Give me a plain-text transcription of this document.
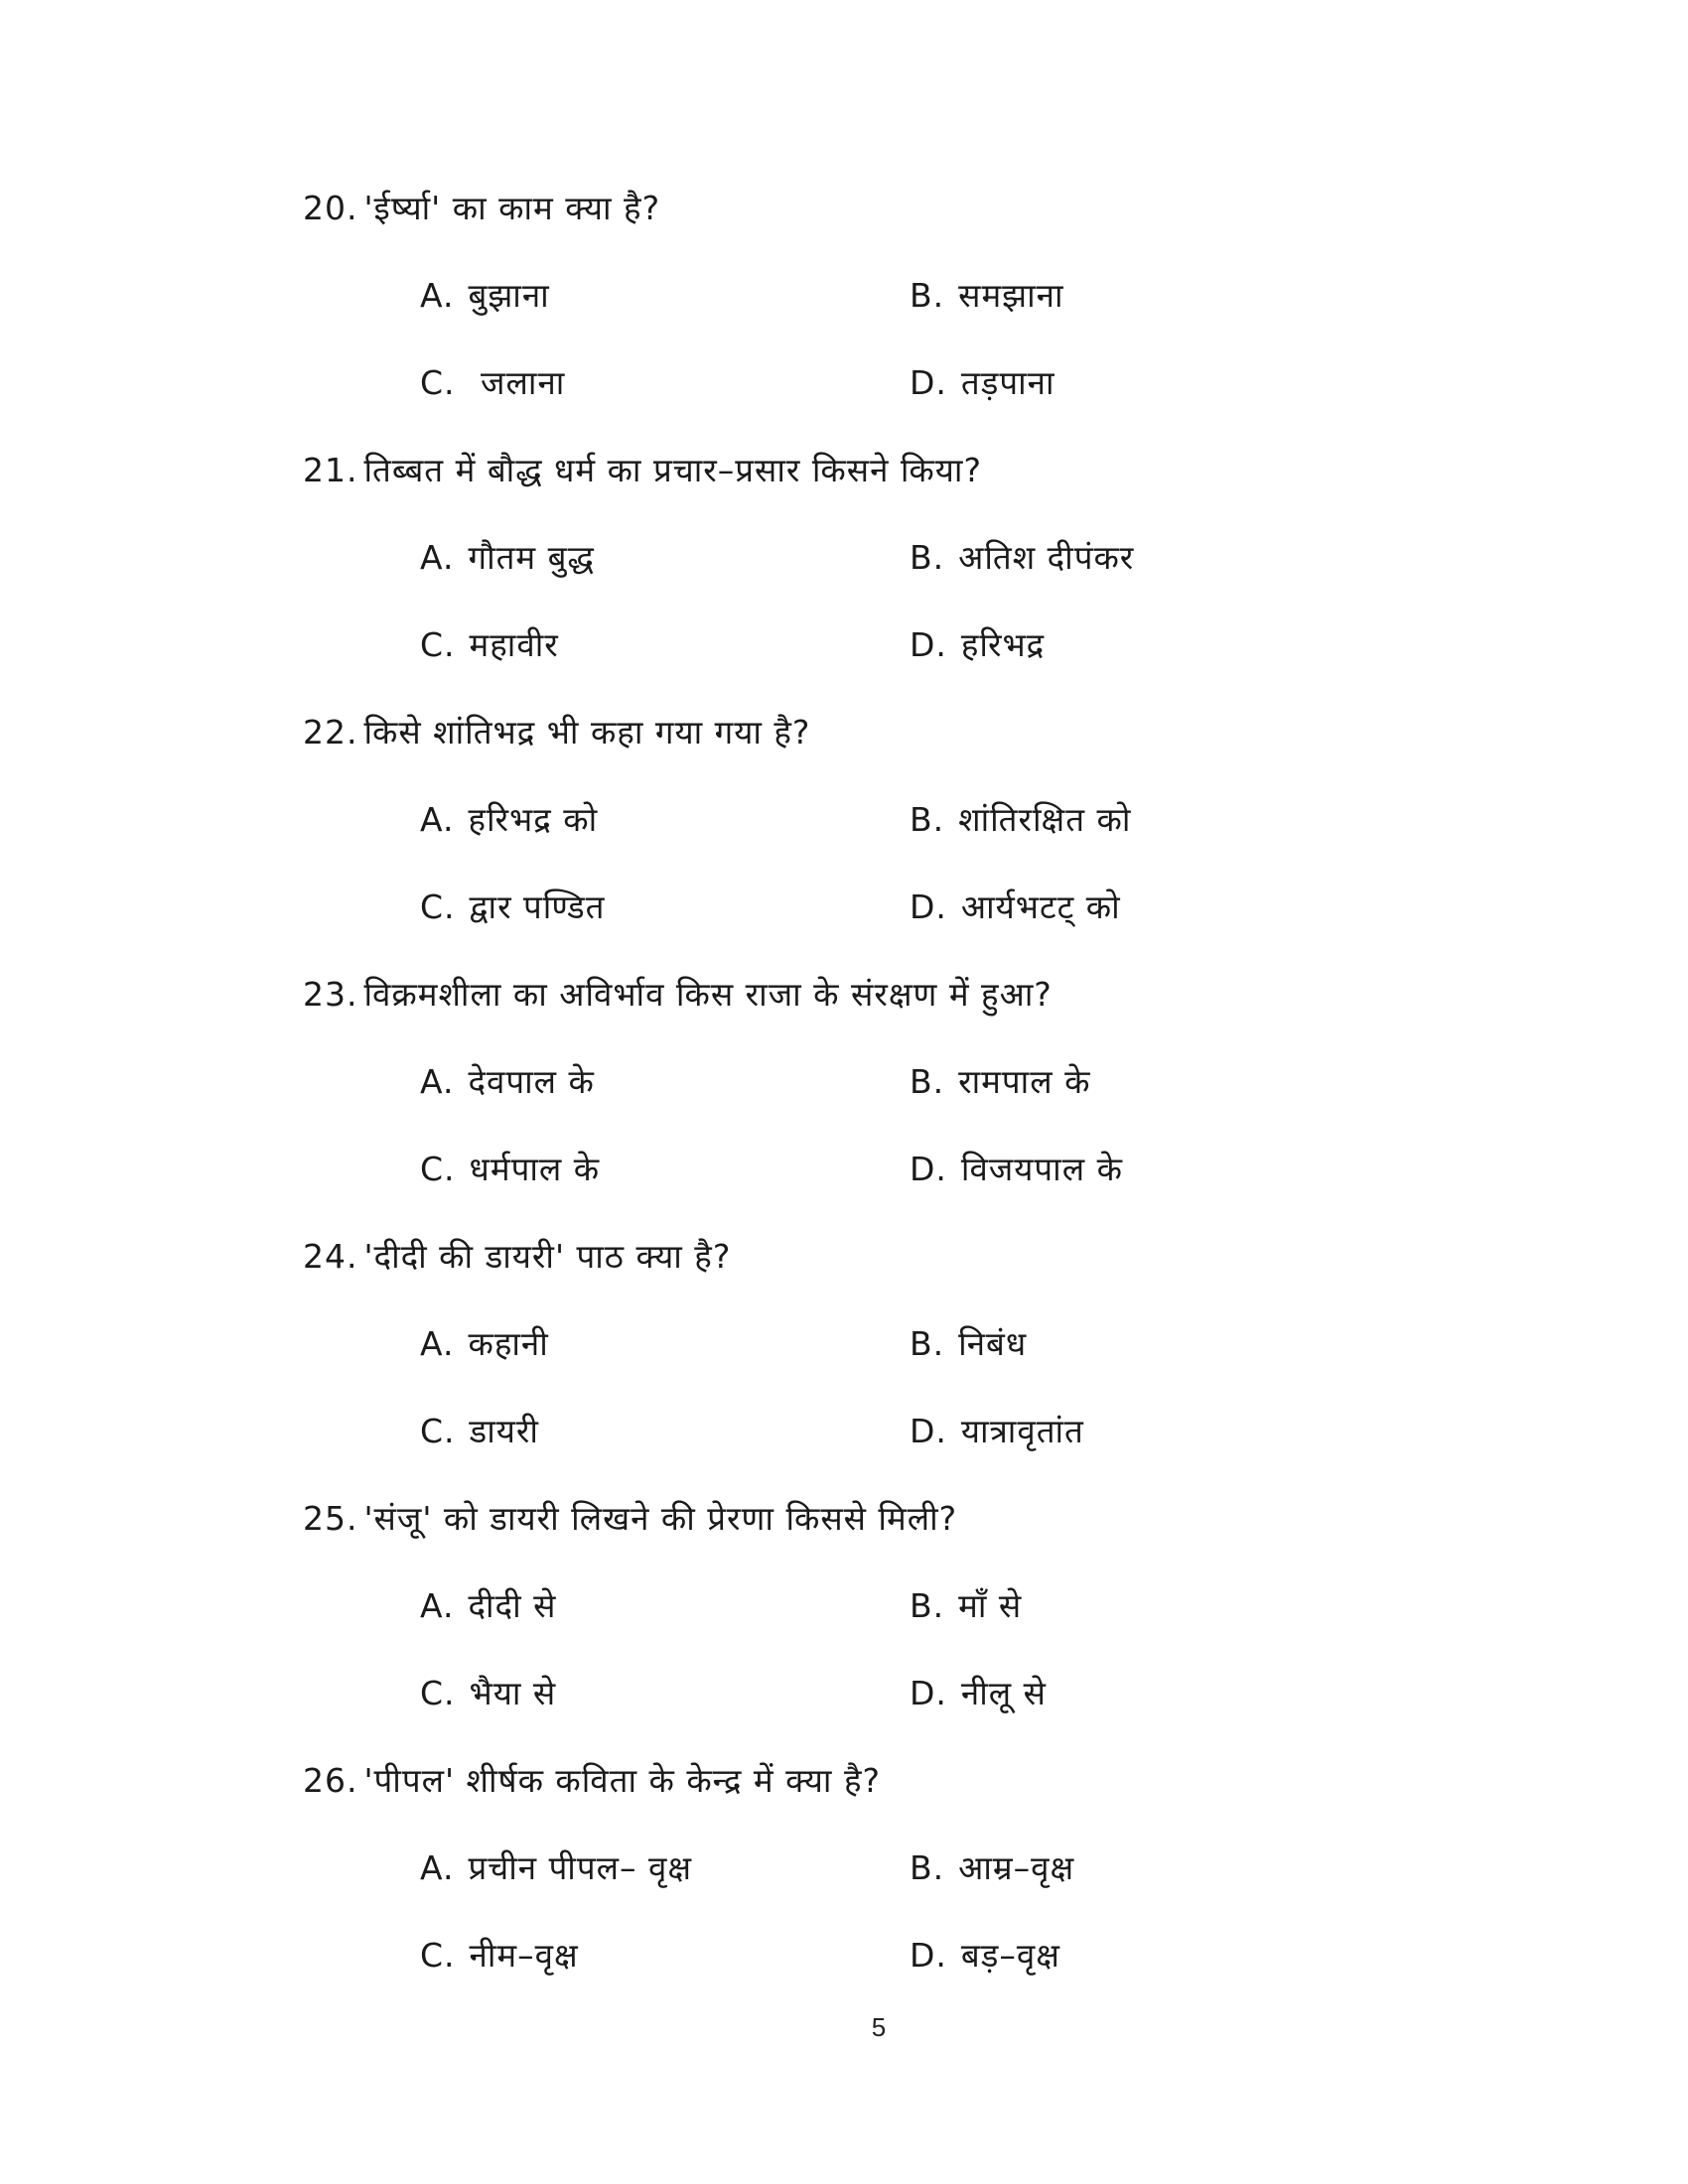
20. 'ईर्ष्या' का काम क्या है?
A. बुझाना	B. समझाना
C. जलाना	D. तड़पाना
21. तिब्बत में बौद्ध धर्म का प्रचार–प्रसार किसने किया?
A. गौतम बुद्ध	B. अतिश दीपंकर
C. महावीर	D. हरिभद्र
22. किसे शांतिभद्र भी कहा गया गया है?
A. हरिभद्र को	B. शांतिरक्षित को
C. द्वार पण्डित	D. आर्यभटट् को
23. विक्रमशीला का अविर्भाव किस राजा के संरक्षण में हुआ?
A. देवपाल के	B. रामपाल के
C. धर्मपाल के	D. विजयपाल के
24. 'दीदी की डायरी' पाठ क्या है?
A. कहानी	B. निबंध
C. डायरी	D. यात्रावृतांत
25. 'संजू' को डायरी लिखने की प्रेरणा किससे मिली?
A. दीदी से	B. माँ से
C. भैया से	D. नीलू से
26. 'पीपल' शीर्षक कविता के केन्द्र में क्या है?
A. प्रचीन पीपल– वृक्ष	B. आम्र–वृक्ष
C. नीम–वृक्ष	D. बड़–वृक्ष
5
